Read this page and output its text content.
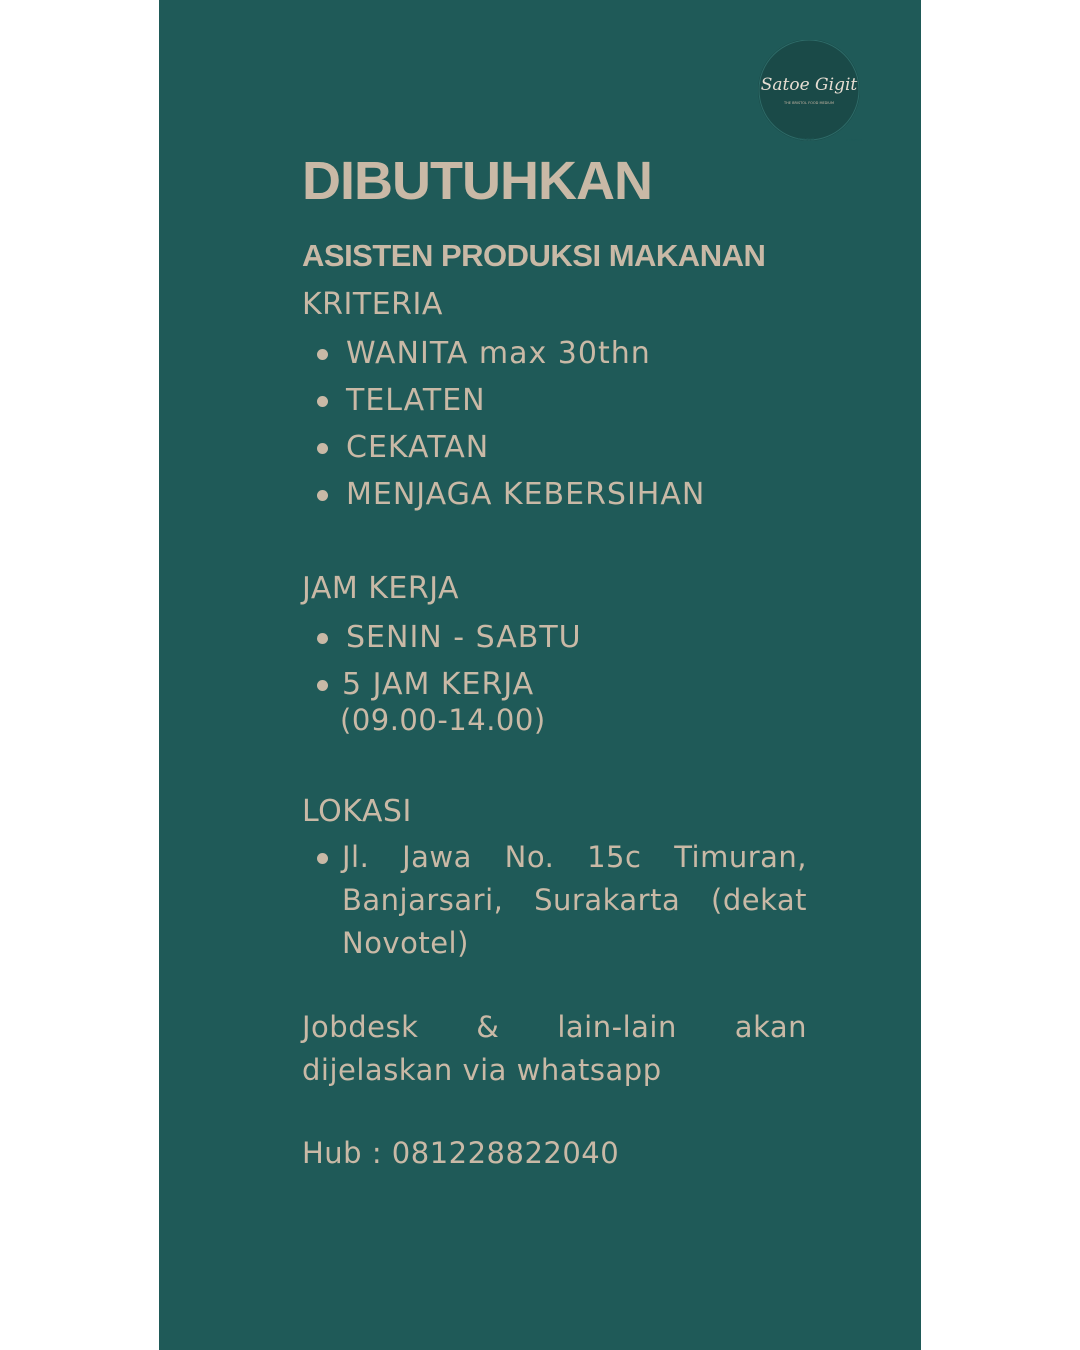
Satoe Gigit
THE BRISTOL FOOD MEDIUM
by satoe.gigit	a.Monnin
DIBUTUHKAN
ASISTEN PRODUKSI MAKANAN
KRITERIA
WANITA max 30thn
TELATEN
CEKATAN
MENJAGA KEBERSIHAN
JAM KERJA
SENIN - SABTU
5 JAM KERJA
(09.00-14.00)
LOKASI
Jl. Jawa No. 15c Timuran, Banjarsari, Surakarta (dekat Novotel)
Jobdesk & lain-lain akan dijelaskan via whatsapp
Hub : 081228822040
